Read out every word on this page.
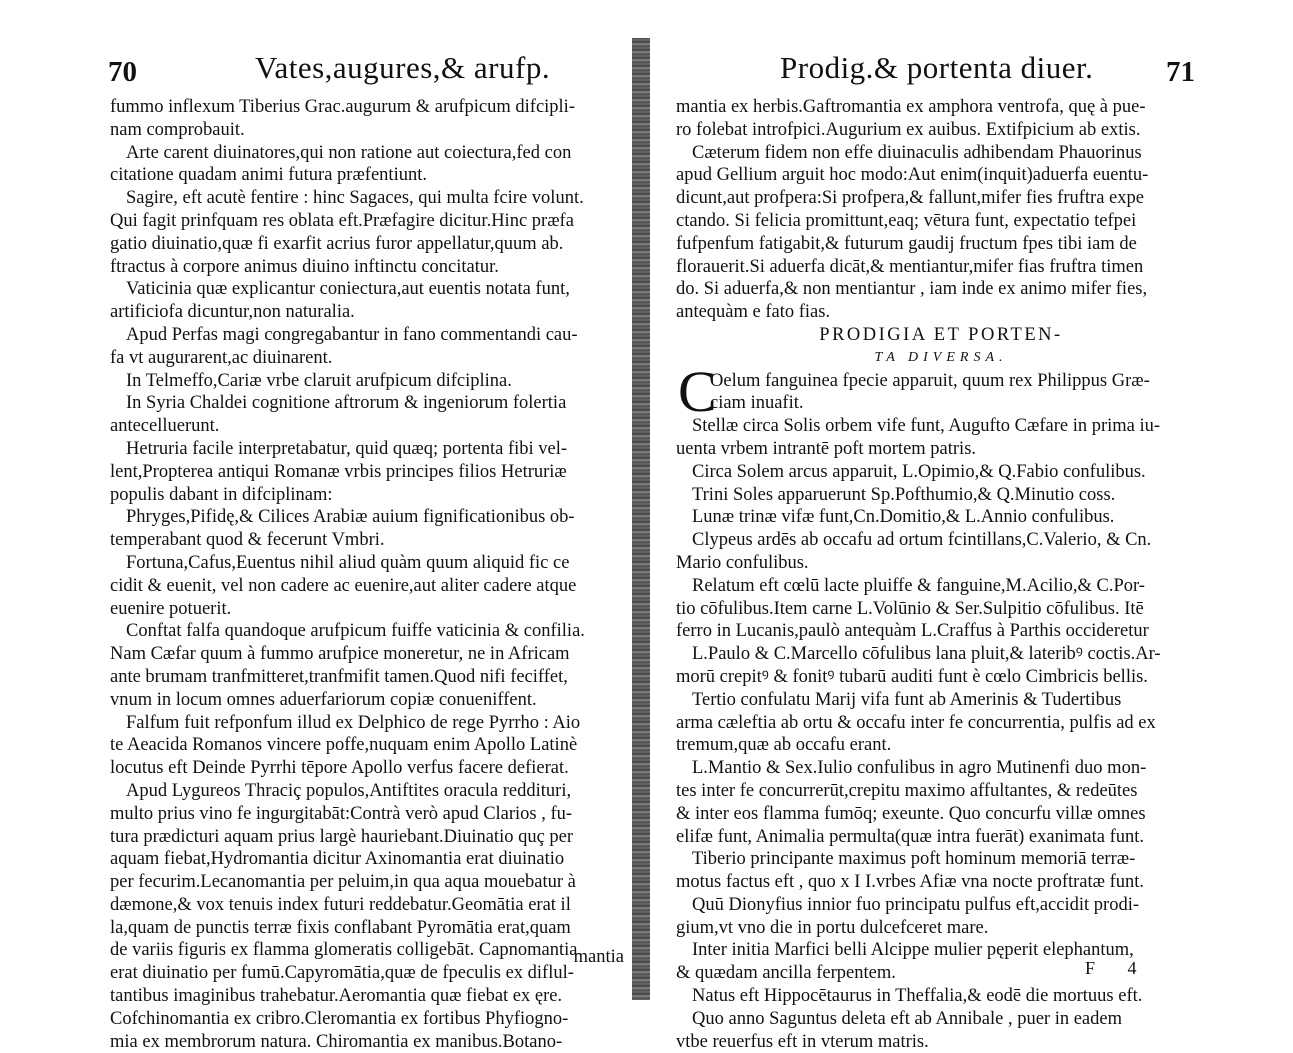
70	Vates,augures,& arufp.
fummo inflexum Tiberius Grac.augurum & arufpicum difcipli-
nam comprobauit.
Arte carent diuinatores,qui non ratione aut coiectura,fed con
citatione quadam animi futura præfentiunt.
Sagire, eft acutè fentire : hinc Sagaces, qui multa fcire volunt.
Qui fagit prinfquam res oblata eft.Præfagire dicitur.Hinc præfa
gatio diuinatio,quæ fi exarfit acrius furor appellatur,quum ab.
ftractus à corpore animus diuino inftinctu concitatur.
Vaticinia quæ explicantur coniectura,aut euentis notata funt,
artificiofa dicuntur,non naturalia.
Apud Perfas magi congregabantur in fano commentandi cau-
fa vt augurarent,ac diuinarent.
In Telmeffo,Cariæ vrbe claruit arufpicum difciplina.
In Syria Chaldei cognitione aftrorum & ingeniorum folertia
antecelluerunt.
Hetruria facile interpretabatur, quid quæq; portenta fibi vel-
lent,Propterea antiqui Romanæ vrbis principes filios Hetruriæ
populis dabant in difciplinam:
Phryges,Pifidę,& Cilices Arabiæ auium fignificationibus ob-
temperabant quod & fecerunt Vmbri.
Fortuna,Cafus,Euentus nihil aliud quàm quum aliquid fic ce
cidit & euenit, vel non cadere ac euenire,aut aliter cadere atque
euenire potuerit.
Conftat falfa quandoque arufpicum fuiffe vaticinia & confilia.
Nam Cæfar quum à fummo arufpice moneretur, ne in Africam
ante brumam tranfmitteret,tranfmifit tamen.Quod nifi feciffet,
vnum in locum omnes aduerfariorum copiæ conueniffent.
Falfum fuit refponfum illud ex Delphico de rege Pyrrho : Aio
te Aeacida Romanos vincere poffe,nuquam enim Apollo Latinè
locutus eft Deinde Pyrrhi tēpore Apollo verfus facere defierat.
Apud Lygureos Thraciç populos,Antiftites oracula reddituri,
multo prius vino fe ingurgitabāt:Contrà verò apud Clarios , fu-
tura prædicturi aquam prius largè hauriebant.Diuinatio quç per
aquam fiebat,Hydromantia dicitur Axinomantia erat diuinatio
per fecurim.Lecanomantia per peluim,in qua aqua mouebatur à
dæmone,& vox tenuis index futuri reddebatur.Geomātia erat il
la,quam de punctis terræ fixis conflabant Pyromātia erat,quam
de variis figuris ex flamma glomeratis colligebāt. Capnomantia
erat diuinatio per fumū.Capyromātia,quæ de fpeculis ex diflul-
tantibus imaginibus trahebatur.Aeromantia quæ fiebat ex ęre.
Cofchinomantia ex cribro.Cleromantia ex fortibus Phyfiogno-
mia ex membrorum natura. Chiromantia ex manibus.Botano-
mantia
Prodig.& portenta diuer.	71
mantia ex herbis.Gaftromantia ex amphora ventrofa, quę à pue-
ro folebat introfpici.Augurium ex auibus. Extifpicium ab extis.
Cæterum fidem non effe diuinaculis adhibendam Phauorinus
apud Gellium arguit hoc modo:Aut enim(inquit)aduerfa euentu-
dicunt,aut profpera:Si profpera,& fallunt,mifer fies fruftra expe
ctando. Si felicia promittunt,eaq; vētura funt, expectatio tefpei
fufpenfum fatigabit,& futurum gaudij fructum fpes tibi iam de
florauerit.Si aduerfa dicāt,& mentiantur,mifer fias fruftra timen
do. Si aduerfa,& non mentiantur , iam inde ex animo mifer fies,
antequàm e fato fias.
PRODIGIA ET PORTEN-
TA DIVERSA.
C
Oelum fanguinea fpecie apparuit, quum rex Philippus Græ-
ciam inuafit.
Stellæ circa Solis orbem vife funt, Augufto Cæfare in prima iu-
uenta vrbem intrantē poft mortem patris.
Circa Solem arcus apparuit, L.Opimio,& Q.Fabio confulibus.
Trini Soles apparuerunt Sp.Pofthumio,& Q.Minutio coss.
Lunæ trinæ vifæ funt,Cn.Domitio,& L.Annio confulibus.
Clypeus ardēs ab occafu ad ortum fcintillans,C.Valerio, & Cn.
Mario confulibus.
Relatum eft cœlū lacte pluiffe & fanguine,M.Acilio,& C.Por-
tio cōfulibus.Item carne L.Volūnio & Ser.Sulpitio cōfulibus. Itē
ferro in Lucanis,paulò antequàm L.Craffus à Parthis occideretur
L.Paulo & C.Marcello cōfulibus lana pluit,& lateribꝰ coctis.Ar-
morū crepitꝰ & fonitꝰ tubarū auditi funt è cœlo Cimbricis bellis.
Tertio confulatu Marij vifa funt ab Amerinis & Tudertibus
arma cæleftia ab ortu & occafu inter fe concurrentia, pulfis ad ex
tremum,quæ ab occafu erant.
L.Mantio & Sex.Iulio confulibus in agro Mutinenfi duo mon-
tes inter fe concurrerūt,crepitu maximo affultantes, & redeūtes
& inter eos flamma fumōq; exeunte. Quo concurfu villæ omnes
elifæ funt, Animalia permulta(quæ intra fuerāt) exanimata funt.
Tiberio principante maximus poft hominum memoriā terræ-
motus factus eft , quo x I I.vrbes Afiæ vna nocte proftratæ funt.
Quū Dionyfius innior fuo principatu pulfus eft,accidit prodi-
gium,vt vno die in portu dulcefceret mare.
Inter initia Marfici belli Alcippe mulier pęperit elephantum,
& quædam ancilla ferpentem.
Natus eft Hippocētaurus in Theffalia,& eodē die mortuus eft.
Quo anno Saguntus deleta eft ab Annibale , puer in eadem
vtbe reuerfus eft in vterum matris.
F 4
